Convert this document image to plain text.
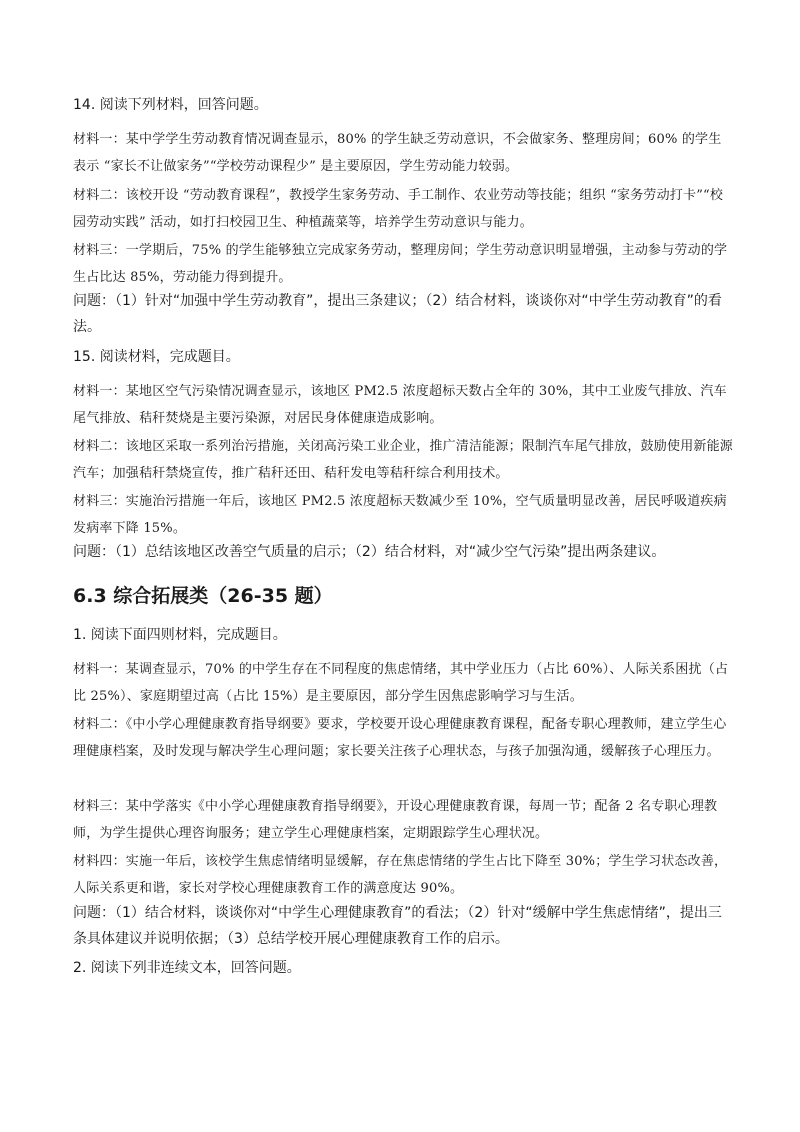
14. 阅读下列材料，回答问题。

材料一：某中学学生劳动教育情况调查显示，80% 的学生缺乏劳动意识，不会做家务、整理房间；60% 的学生表示 “家长不让做家务”“学校劳动课程少” 是主要原因，学生劳动能力较弱。

材料二：该校开设 “劳动教育课程”，教授学生家务劳动、手工制作、农业劳动等技能；组织 “家务劳动打卡”“校园劳动实践” 活动，如打扫校园卫生、种植蔬菜等，培养学生劳动意识与能力。

材料三：一学期后，75% 的学生能够独立完成家务劳动，整理房间；学生劳动意识明显增强，主动参与劳动的学生占比达 85%，劳动能力得到提升。

问题：（1）针对“加强中学生劳动教育”，提出三条建议；（2）结合材料，谈谈你对“中学生劳动教育”的看法。

15. 阅读材料，完成题目。

材料一：某地区空气污染情况调查显示，该地区 PM2.5 浓度超标天数占全年的 30%，其中工业废气排放、汽车尾气排放、秸秆焚烧是主要污染源，对居民身体健康造成影响。

材料二：该地区采取一系列治污措施，关闭高污染工业企业，推广清洁能源；限制汽车尾气排放，鼓励使用新能源汽车；加强秸秆禁烧宣传，推广秸秆还田、秸秆发电等秸秆综合利用技术。

材料三：实施治污措施一年后，该地区 PM2.5 浓度超标天数减少至 10%，空气质量明显改善，居民呼吸道疾病发病率下降 15%。

问题：（1）总结该地区改善空气质量的启示；（2）结合材料，对“减少空气污染”提出两条建议。

6.3 综合拓展类（26-35 题）

1. 阅读下面四则材料，完成题目。

材料一：某调查显示，70% 的中学生存在不同程度的焦虑情绪，其中学业压力（占比 60%）、人际关系困扰（占比 25%）、家庭期望过高（占比 15%）是主要原因，部分学生因焦虑影响学习与生活。

材料二：《中小学心理健康教育指导纲要》要求，学校要开设心理健康教育课程，配备专职心理教师，建立学生心理健康档案，及时发现与解决学生心理问题；家长要关注孩子心理状态，与孩子加强沟通，缓解孩子心理压力。

材料三：某中学落实《中小学心理健康教育指导纲要》，开设心理健康教育课，每周一节；配备 2 名专职心理教师，为学生提供心理咨询服务；建立学生心理健康档案，定期跟踪学生心理状况。

材料四：实施一年后，该校学生焦虑情绪明显缓解，存在焦虑情绪的学生占比下降至 30%；学生学习状态改善，人际关系更和谐，家长对学校心理健康教育工作的满意度达 90%。

问题：（1）结合材料，谈谈你对“中学生心理健康教育”的看法；（2）针对“缓解中学生焦虑情绪”，提出三条具体建议并说明依据；（3）总结学校开展心理健康教育工作的启示。

2. 阅读下列非连续文本，回答问题。
